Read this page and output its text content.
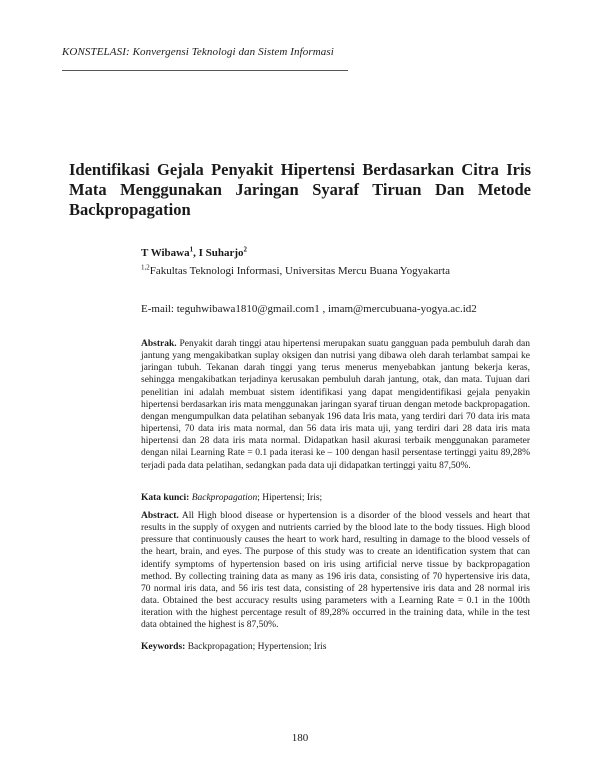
KONSTELASI: Konvergensi Teknologi dan Sistem Informasi
Identifikasi Gejala Penyakit Hipertensi Berdasarkan Citra Iris Mata Menggunakan Jaringan Syaraf Tiruan Dan Metode Backpropagation
T Wibawa$^1$, I Suharjo$^2$
$^{1,2}$Fakultas Teknologi Informasi, Universitas Mercu Buana Yogyakarta
E-mail: teguhwibawa1810@gmail.com1 , imam@mercubuana-yogya.ac.id2
Abstrak. Penyakit darah tinggi atau hipertensi merupakan suatu gangguan pada pembuluh darah dan jantung yang mengakibatkan suplay oksigen dan nutrisi yang dibawa oleh darah terlambat sampai ke jaringan tubuh. Tekanan darah tinggi yang terus menerus menyebabkan jantung bekerja keras, sehingga mengakibatkan terjadinya kerusakan pembuluh darah jantung, otak, dan mata. Tujuan dari penelitian ini adalah membuat sistem identifikasi yang dapat mengidentifikasi gejala penyakin hipertensi berdasarkan iris mata menggunakan jaringan syaraf tiruan dengan metode backpropagation. dengan mengumpulkan data pelatihan sebanyak 196 data Iris mata, yang terdiri dari 70 data iris mata hipertensi, 70 data iris mata normal, dan 56 data iris mata uji, yang terdiri dari 28 data iris mata hipertensi dan 28 data iris mata normal. Didapatkan hasil akurasi terbaik menggunakan parameter dengan nilai Learning Rate = 0.1 pada iterasi ke – 100 dengan hasil persentase tertinggi yaitu 89,28% terjadi pada data pelatihan, sedangkan pada data uji didapatkan tertinggi yaitu 87,50%.
Kata kunci: Backpropagation; Hipertensi; Iris;
Abstract. All High blood disease or hypertension is a disorder of the blood vessels and heart that results in the supply of oxygen and nutrients carried by the blood late to the body tissues. High blood pressure that continuously causes the heart to work hard, resulting in damage to the blood vessels of the heart, brain, and eyes. The purpose of this study was to create an identification system that can identify symptoms of hypertension based on iris using artificial nerve tissue by backpropagation method. By collecting training data as many as 196 iris data, consisting of 70 hypertensive iris data, 70 normal iris data, and 56 iris test data, consisting of 28 hypertensive iris data and 28 normal iris data. Obtained the best accuracy results using parameters with a Learning Rate = 0.1 in the 100th iteration with the highest percentage result of 89,28% occurred in the training data, while in the test data obtained the highest is 87,50%.
Keywords: Backpropagation; Hypertension; Iris
180
